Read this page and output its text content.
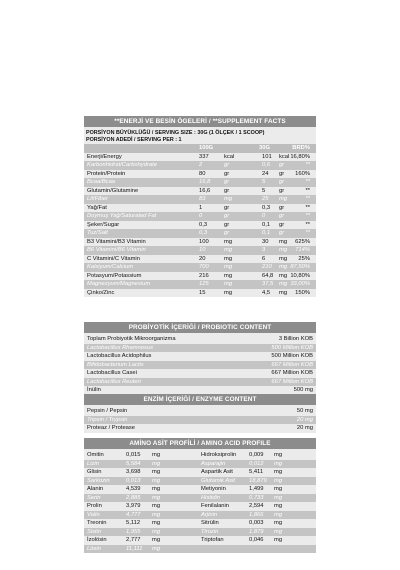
**ENERJİ VE BESİN ÖGELERİ / **SUPPLEMENT FACTS
PORSİYON BÜYÜKLÜĞÜ / SERVING SIZE : 30G (1 ÖLÇEK / 1 SCOOP)
PORSİYON ADEDİ / SERVING PER : 1
100G	30G	BRD%
Enerji/Energy	337	kcal	101 kcal 16,80%
Karbonhidrat/Carbohydrate	2	gr	0,6 gr	**
Protein/Protein	80	gr	24 gr 160%
Bcaa/Bcaa	16,8 gr	5 gr	**
Glutamin/Glutamine	16,6 gr	5 gr	**
Lif/Fiber	83	mg	25 mg	**
Yağ/Fat	1	gr	0,3 gr	**
Doymuş Yağ/Saturated Fat	0	gr	0 gr	**
Şeker/Sugar	0,3	gr	0,1 gr	**
Tuz/Salt	0,3	gr	0,1 gr	**
B3 Vitamini/B3 Vitamin	100	mg	30 mg 625%
B6 Vitamini/B6 Vitamin	10	mg	3 mg 714%
C Vitamini/C Vitamin	20	mg	6 mg 25%
Kalsiyum/Calcium	700	mg	210 mg 87,50%
Potasyum/Potassium	216	mg	64,8 mg 10,80%
Magnezyum/Magnesium	125	mg	37,5 mg 33,00%
Çinko/Zinc	15	mg	4,5 mg 150%
PROBİYOTİK İÇERİĞİ / PROBIOTIC CONTENT
Toplam Probiyotik Mikroorganizma	3 Billion KOB
Lactobacillus Rhamnosus	500 Million KOB
Lactobacillus Acidophilus	500 Million KOB
Bifidobacterium Lactis	667 Million KOB
Lactobacillus Casei	667 Million KOB
Lactobacillus Reuteri	667 Million KOB
İnülin	500 mg
ENZİM İÇERİĞİ / ENZYME CONTENT
Pepsin / Pepsin	50 mg
Tripsin / Trypsin	20 mg
Proteaz / Protease	20 mg
AMİNO ASİT PROFİLİ / AMINO ACID PROFILE
Omitin	0,015 mg	Hidroksiprolin 0,009 mg
Lizin	5,584 mg	Asparajin	0,012 mg
Glisin	3,698 mg	Aspartik Asit	5,411 mg
Sarkozin	0,013 mg	Glutamik Asit 18,879 mg
Alanin	4,539 mg	Metiyonin	1,499 mg
Serin	2,885 mg	Histidin	0,733 mg
Prolin	3,979 mg	Fenilalanin	2,594 mg
Valin	4,777 mg	Arjinin	1,866 mg
Treonin	5,112 mg	Sitrülin	0,003 mg
Sistin	1,955 mg	Tirozin	1,879 mg
İzolösin	2,777 mg	Triptofan	0,046 mg
Lösin	11,111 mg
